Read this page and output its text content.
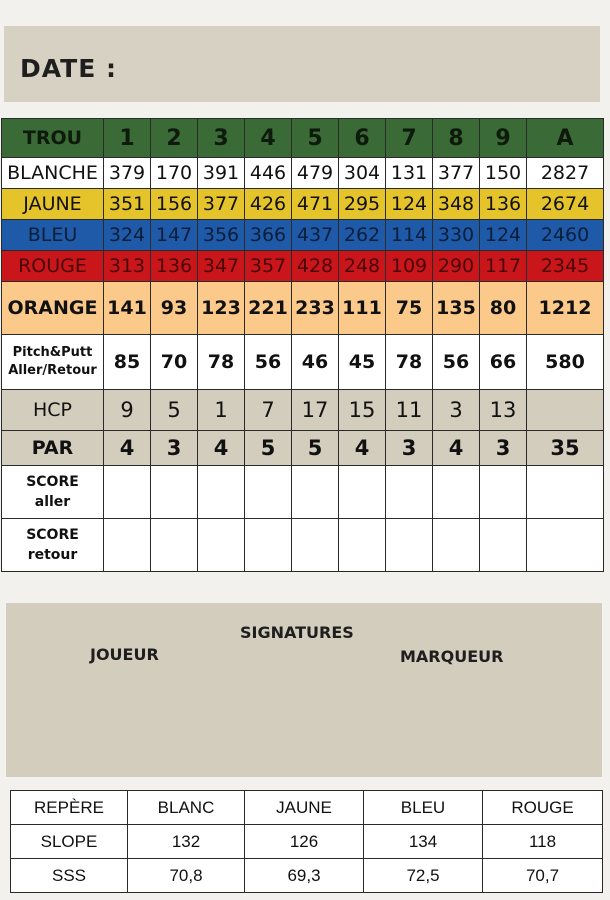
DATE :
TROU	1	2	3	4	5	6	7	8	9	A
BLANCHE	379	170	391	446	479	304	131	377	150	2827
JAUNE	351	156	377	426	471	295	124	348	136	2674
BLEU	324	147	356	366	437	262	114	330	124	2460
ROUGE	313	136	347	357	428	248	109	290	117	2345
ORANGE	141	93	123	221	233	111	75	135	80	1212
Pitch&Putt
Aller/Retour	85	70	78	56	46	45	78	56	66	580
HCP	9	5	1	7	17	15	11	3	13	
PAR	4	3	4	5	5	4	3	4	3	35
SCORE
aller										
SCORE
retour										
SIGNATURES
JOUEUR	MARQUEUR
REPÈRE	BLANC	JAUNE	BLEU	ROUGE
SLOPE	132	126	134	118
SSS	70,8	69,3	72,5	70,7
